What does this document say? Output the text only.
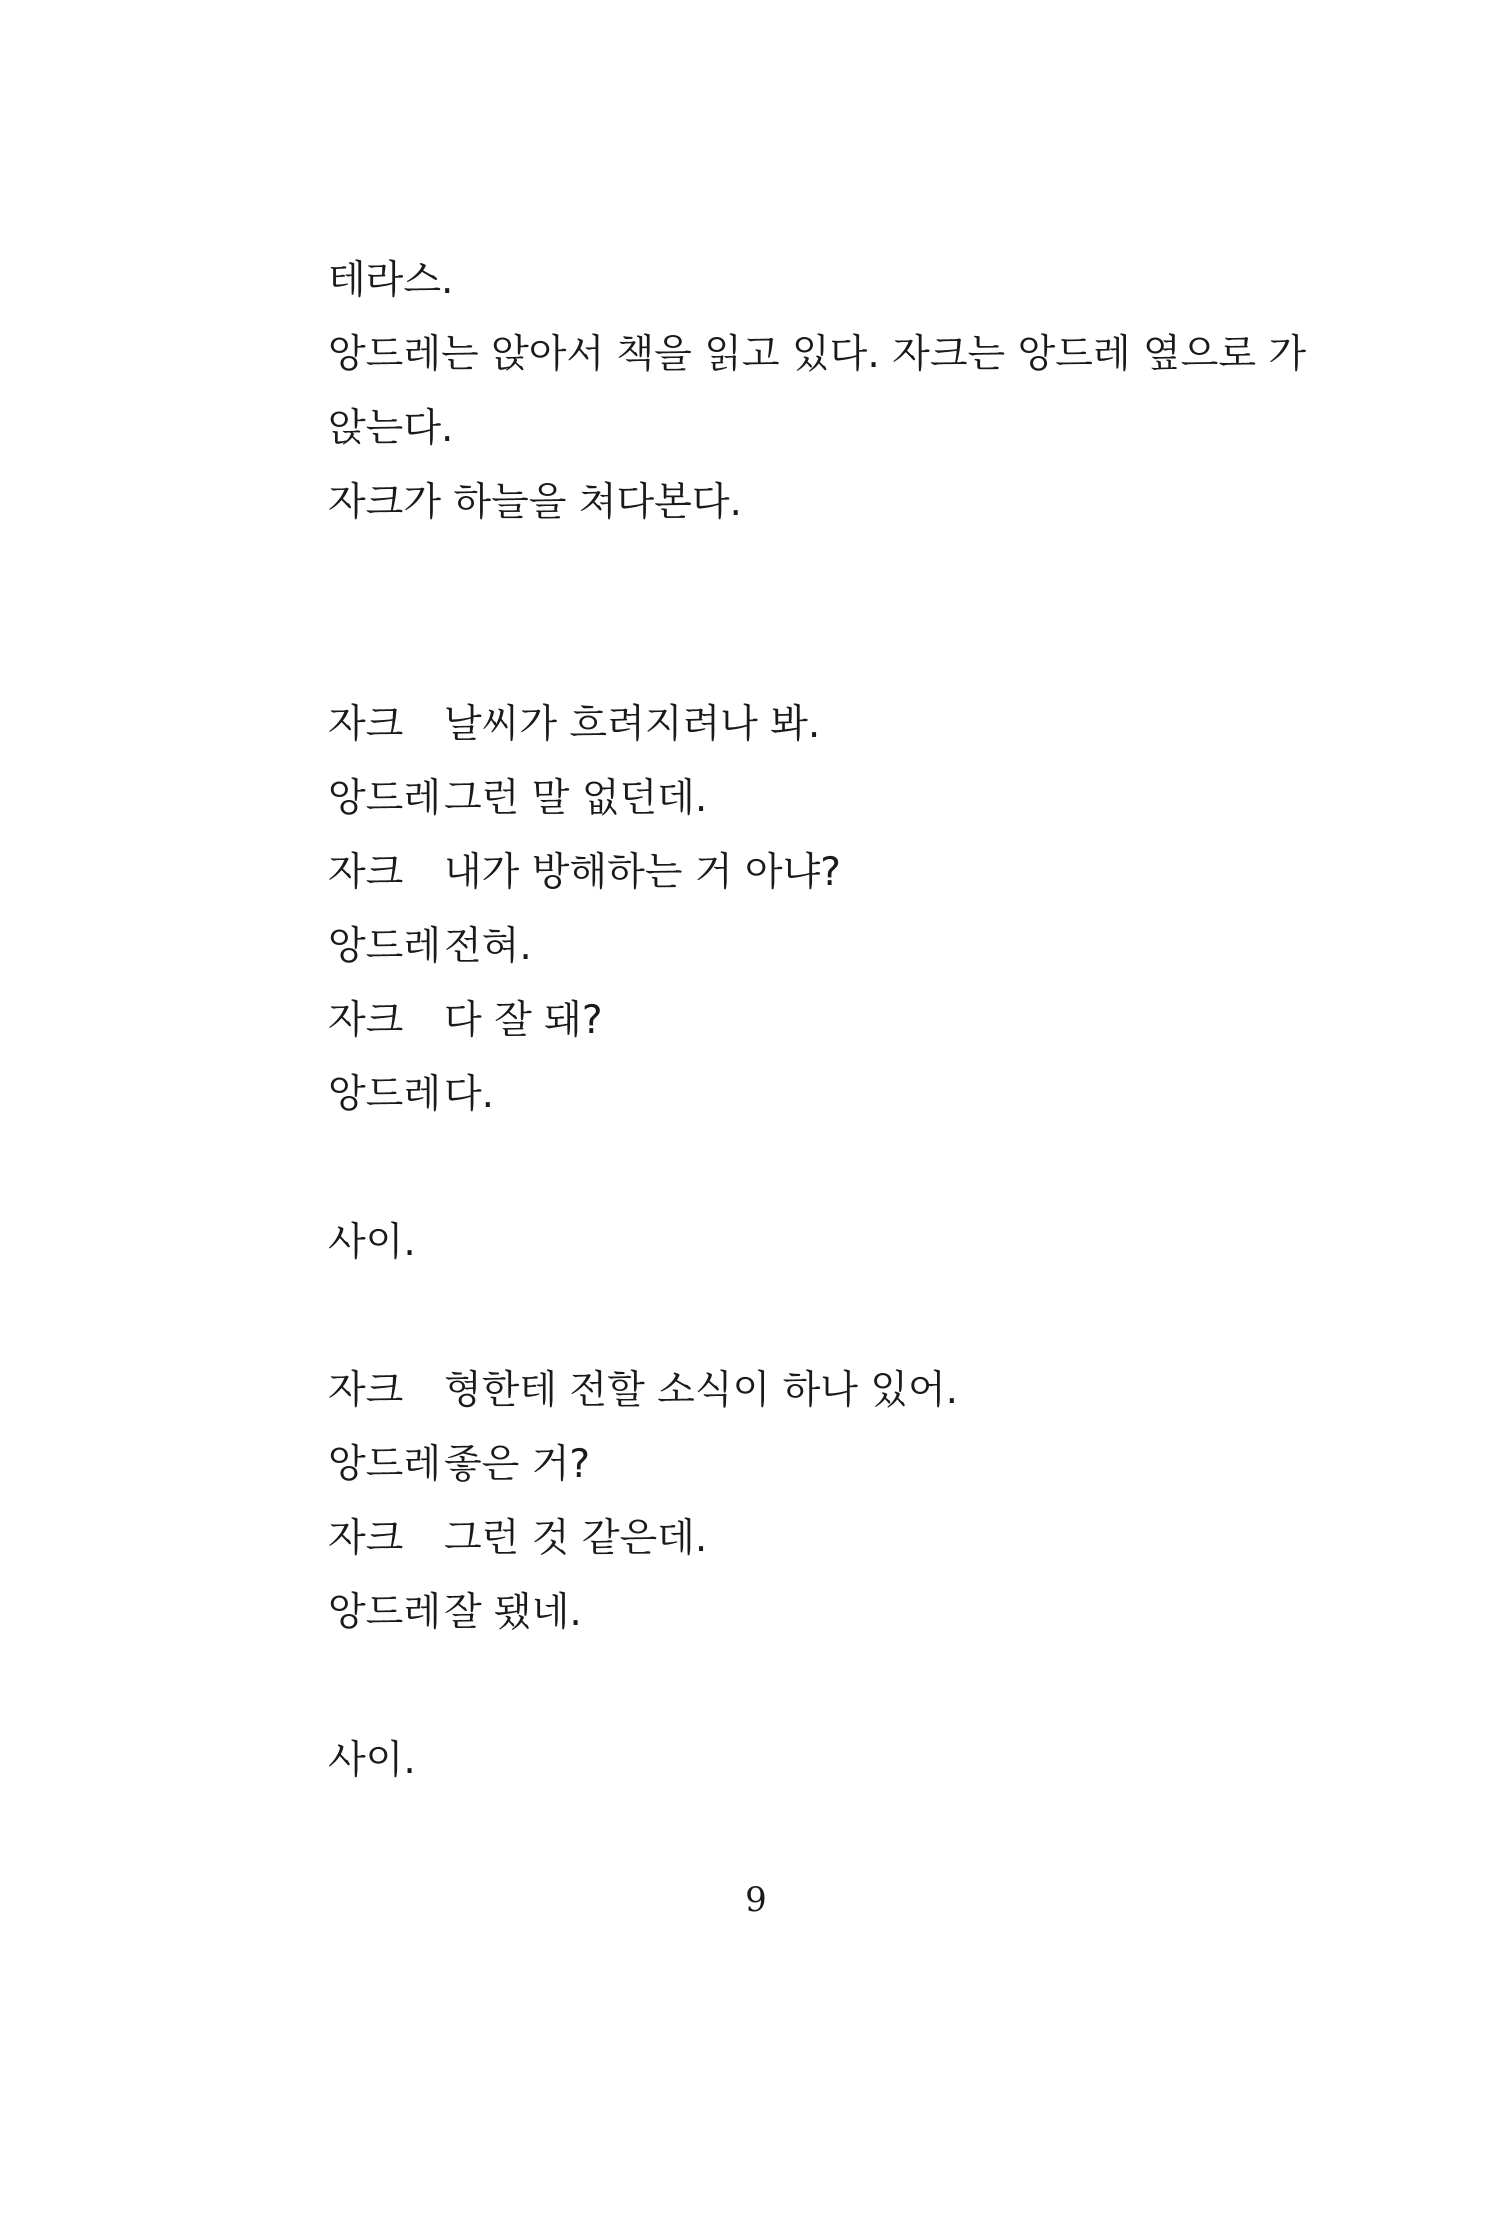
테라스.
앙드레는 앉아서 책을 읽고 있다. 자크는 앙드레 옆으로 가
앉는다.
자크가 하늘을 쳐다본다.
자크 날씨가 흐려지려나 봐.
앙드레그런 말 없던데.
자크 내가 방해하는 거 아냐?
앙드레전혀.
자크 다 잘 돼?
앙드레다.
사이.
자크 형한테 전할 소식이 하나 있어.
앙드레좋은 거?
자크 그런 것 같은데.
앙드레잘 됐네.
사이.
9
